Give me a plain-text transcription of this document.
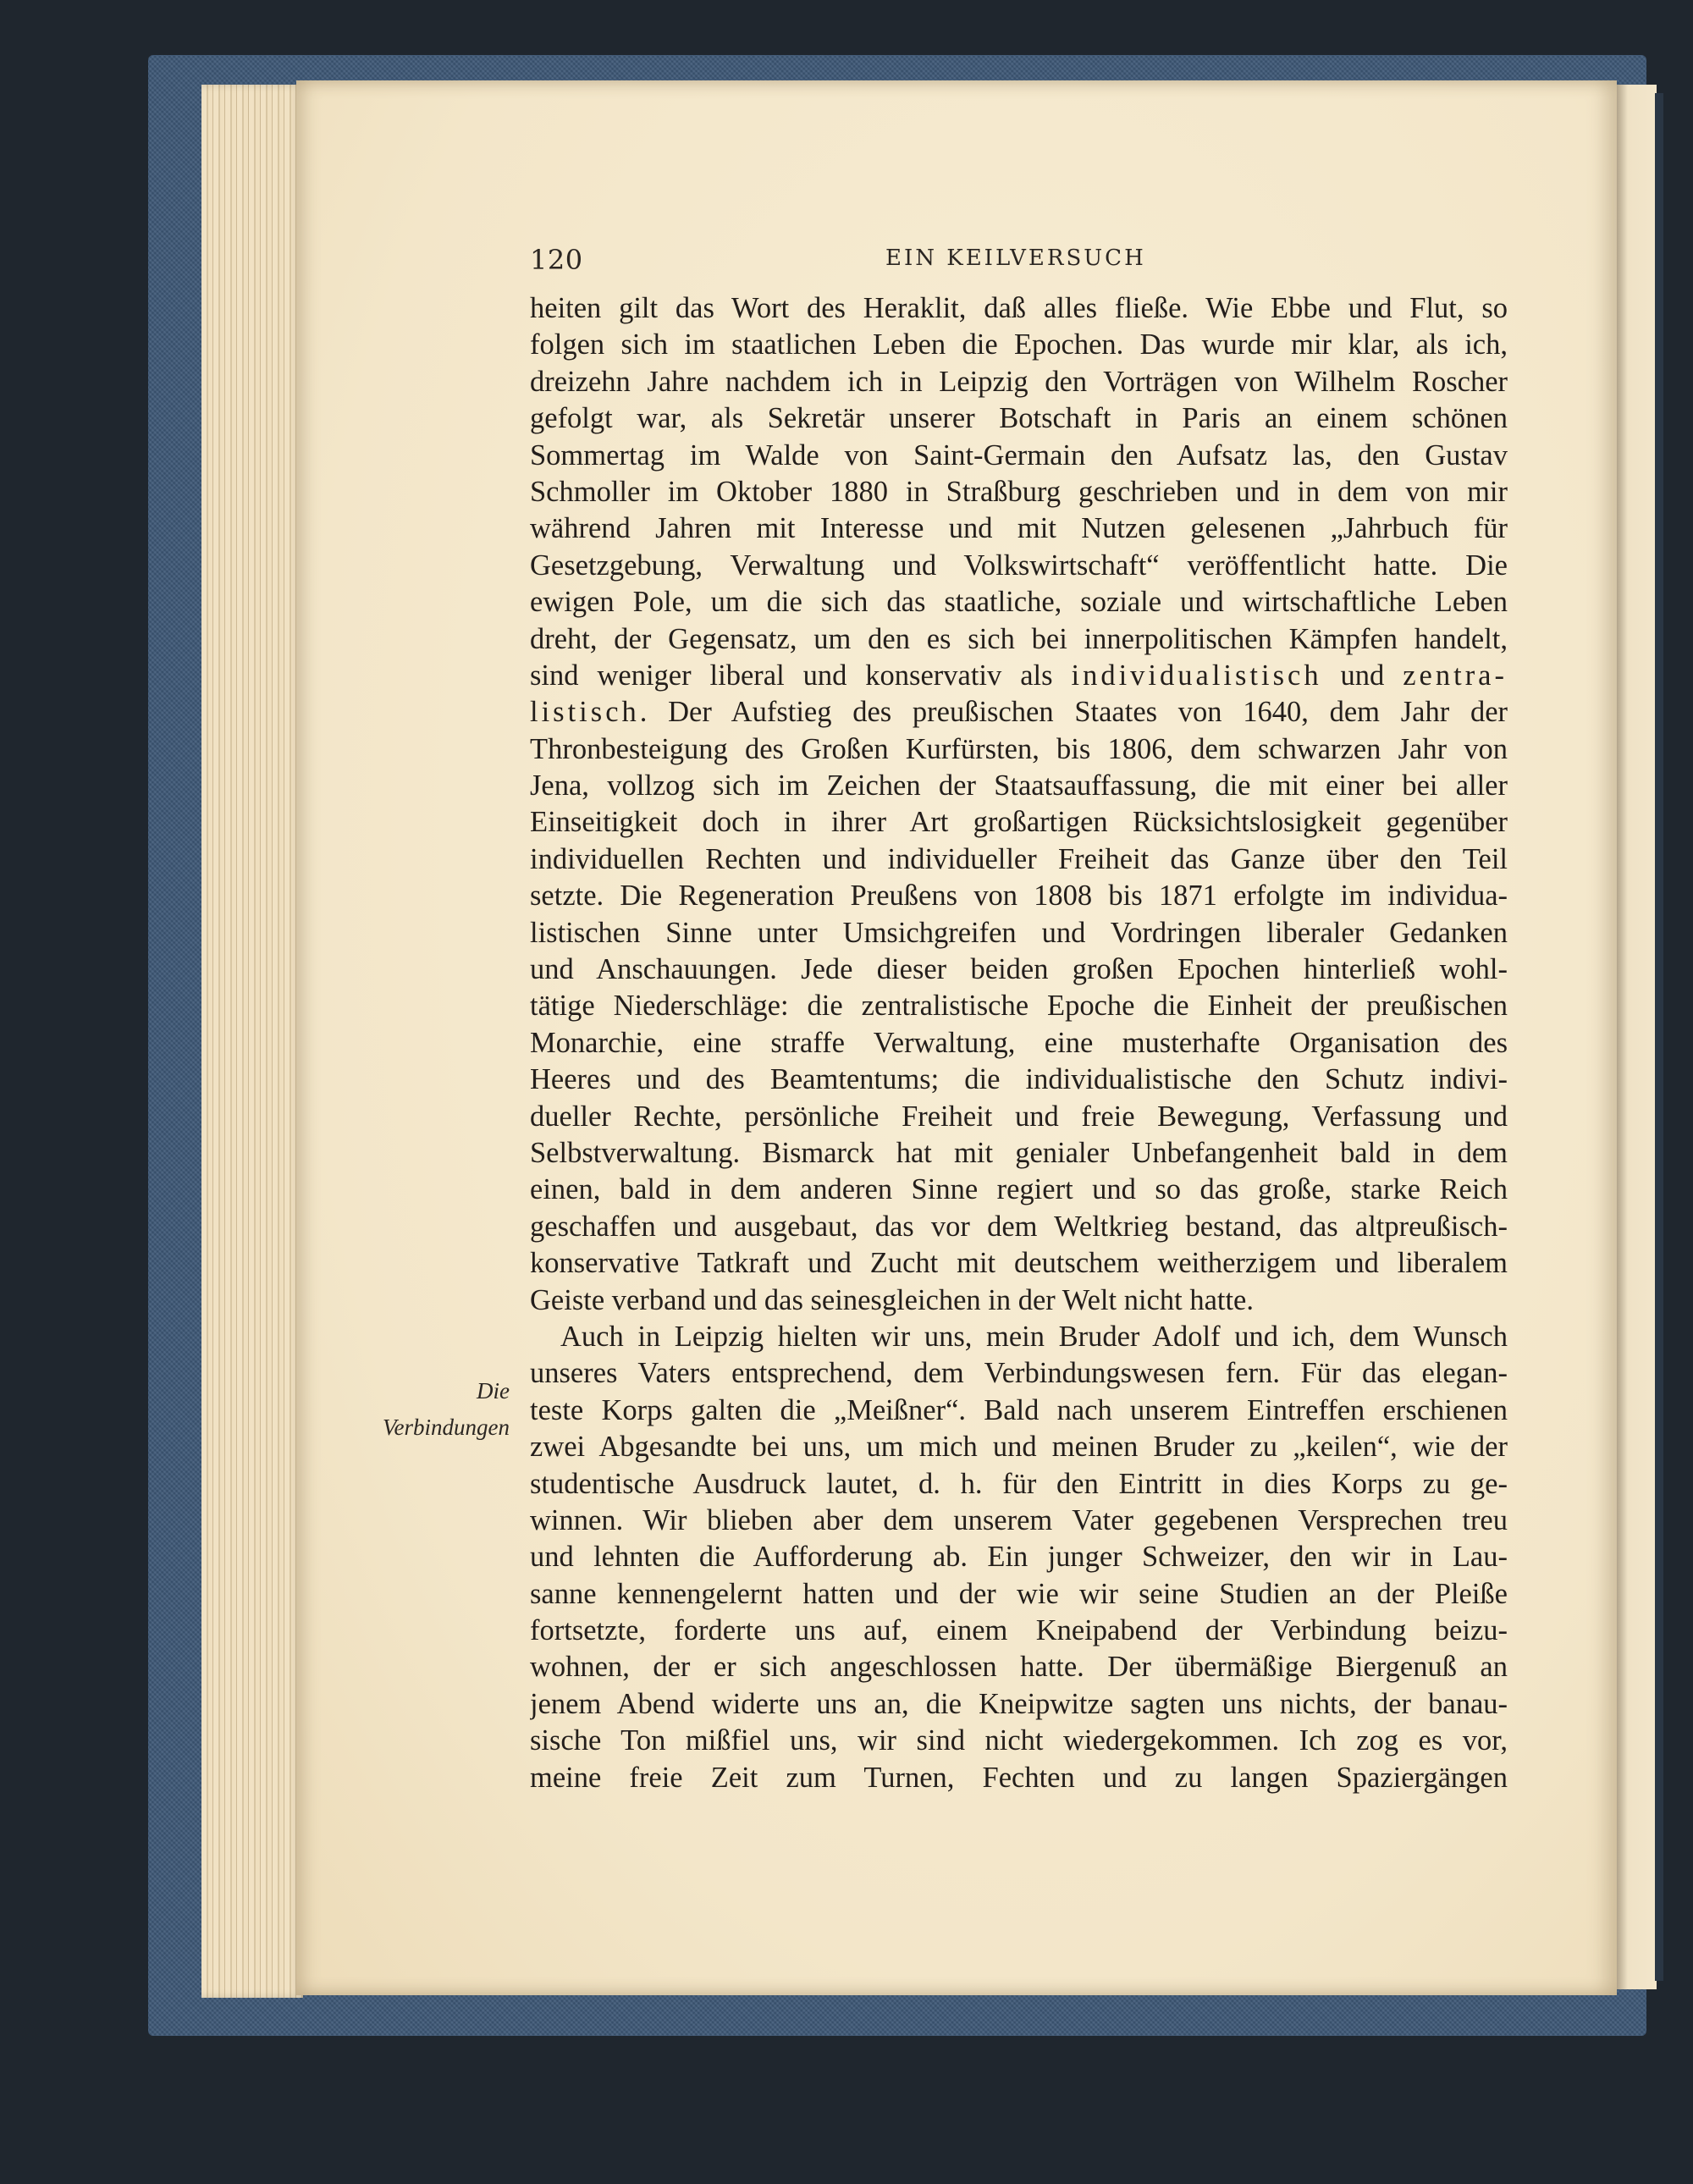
120	EIN KEILVERSUCH
Die
Verbindungen
heiten gilt das Wort des Heraklit, daß alles fließe. Wie Ebbe und Flut, so
folgen sich im staatlichen Leben die Epochen. Das wurde mir klar, als ich,
dreizehn Jahre nachdem ich in Leipzig den Vorträgen von Wilhelm Roscher
gefolgt war, als Sekretär unserer Botschaft in Paris an einem schönen
Sommertag im Walde von Saint-Germain den Aufsatz las, den Gustav
Schmoller im Oktober 1880 in Straßburg geschrieben und in dem von mir
während Jahren mit Interesse und mit Nutzen gelesenen „Jahrbuch für
Gesetzgebung, Verwaltung und Volkswirtschaft“ veröffentlicht hatte. Die
ewigen Pole, um die sich das staatliche, soziale und wirtschaftliche Leben
dreht, der Gegensatz, um den es sich bei innerpolitischen Kämpfen handelt,
sind weniger liberal und konservativ als individualistisch und zentra-
listisch. Der Aufstieg des preußischen Staates von 1640, dem Jahr der
Thronbesteigung des Großen Kurfürsten, bis 1806, dem schwarzen Jahr von
Jena, vollzog sich im Zeichen der Staatsauffassung, die mit einer bei aller
Einseitigkeit doch in ihrer Art großartigen Rücksichtslosigkeit gegenüber
individuellen Rechten und individueller Freiheit das Ganze über den Teil
setzte. Die Regeneration Preußens von 1808 bis 1871 erfolgte im individua-
listischen Sinne unter Umsichgreifen und Vordringen liberaler Gedanken
und Anschauungen. Jede dieser beiden großen Epochen hinterließ wohl-
tätige Niederschläge: die zentralistische Epoche die Einheit der preußischen
Monarchie, eine straffe Verwaltung, eine musterhafte Organisation des
Heeres und des Beamtentums; die individualistische den Schutz indivi-
dueller Rechte, persönliche Freiheit und freie Bewegung, Verfassung und
Selbstverwaltung. Bismarck hat mit genialer Unbefangenheit bald in dem
einen, bald in dem anderen Sinne regiert und so das große, starke Reich
geschaffen und ausgebaut, das vor dem Weltkrieg bestand, das altpreußisch-
konservative Tatkraft und Zucht mit deutschem weitherzigem und liberalem
Geiste verband und das seinesgleichen in der Welt nicht hatte.
Auch in Leipzig hielten wir uns, mein Bruder Adolf und ich, dem Wunsch
unseres Vaters entsprechend, dem Verbindungswesen fern. Für das elegan-
teste Korps galten die „Meißner“. Bald nach unserem Eintreffen erschienen
zwei Abgesandte bei uns, um mich und meinen Bruder zu „keilen“, wie der
studentische Ausdruck lautet, d. h. für den Eintritt in dies Korps zu ge-
winnen. Wir blieben aber dem unserem Vater gegebenen Versprechen treu
und lehnten die Aufforderung ab. Ein junger Schweizer, den wir in Lau-
sanne kennengelernt hatten und der wie wir seine Studien an der Pleiße
fortsetzte, forderte uns auf, einem Kneipabend der Verbindung beizu-
wohnen, der er sich angeschlossen hatte. Der übermäßige Biergenuß an
jenem Abend widerte uns an, die Kneipwitze sagten uns nichts, der banau-
sische Ton mißfiel uns, wir sind nicht wiedergekommen. Ich zog es vor,
meine freie Zeit zum Turnen, Fechten und zu langen Spaziergängen
